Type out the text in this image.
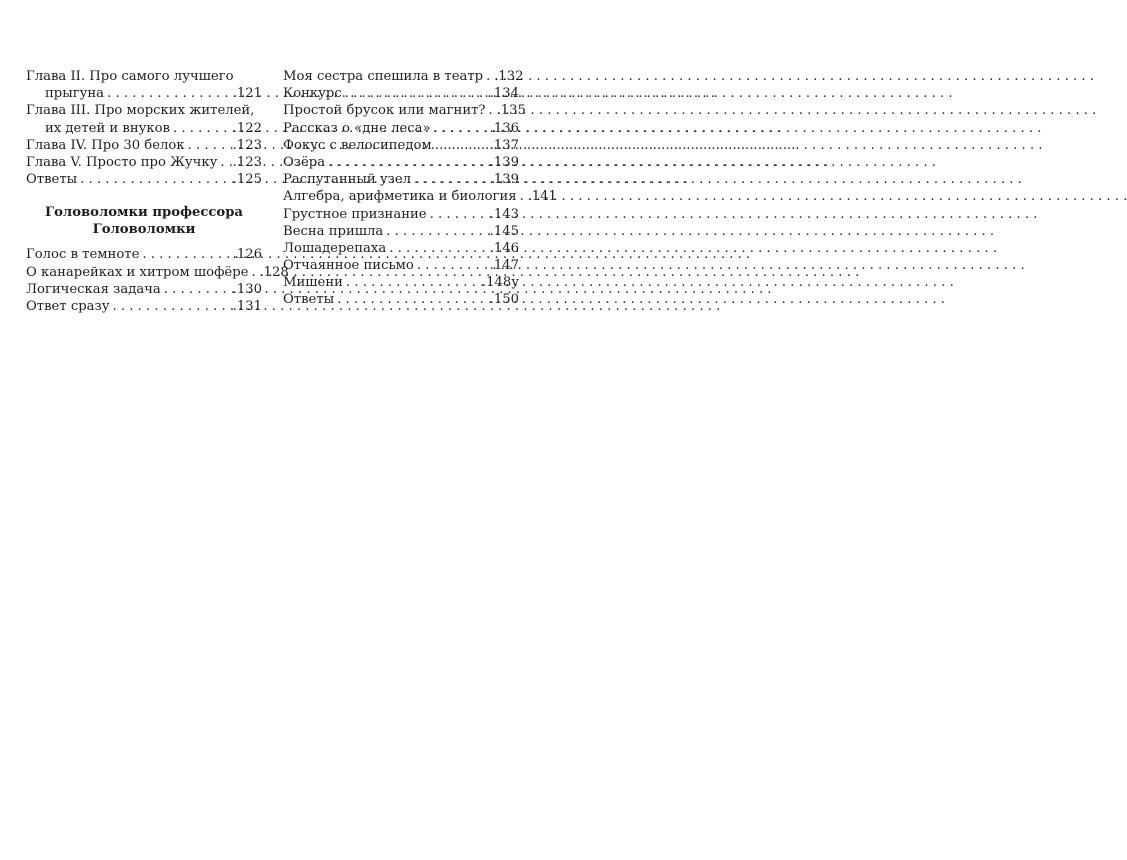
Глава II. Про самого лучшего
прыгуна . . .	.121
Глава III. Про морских жителей,
их детей и внуков . . .	.122
Глава IV. Про 30 белок . . .	.123
Глава V. Просто про Жучку . . . .123
Ответы . . .	.125
Головоломки профессора
Головоломки
Голос в темноте . . .	.126
О канарейках и хитром шофёре . . . .128
Логическая задача . . .	.130
Ответ сразу . . .	.131
Моя сестра спешила в театр . . . .132
Конкурс . . .	.134
Простой брусок или магнит? . . . .135
Рассказ о «дне леса» . . .	.136
Фокус с велосипедом . . .	.137
Озёра . . .	.139
Распутанный узел . . .	.139
Алгебра, арифметика и биология . . . .141
Грустное признание . . .	.143
Весна пришла . . .	.145
Лошадерепаха . . .	.146
Отчаянное письмо . . .	.147
Мишени . . .	.148у
Ответы . . .	.150
